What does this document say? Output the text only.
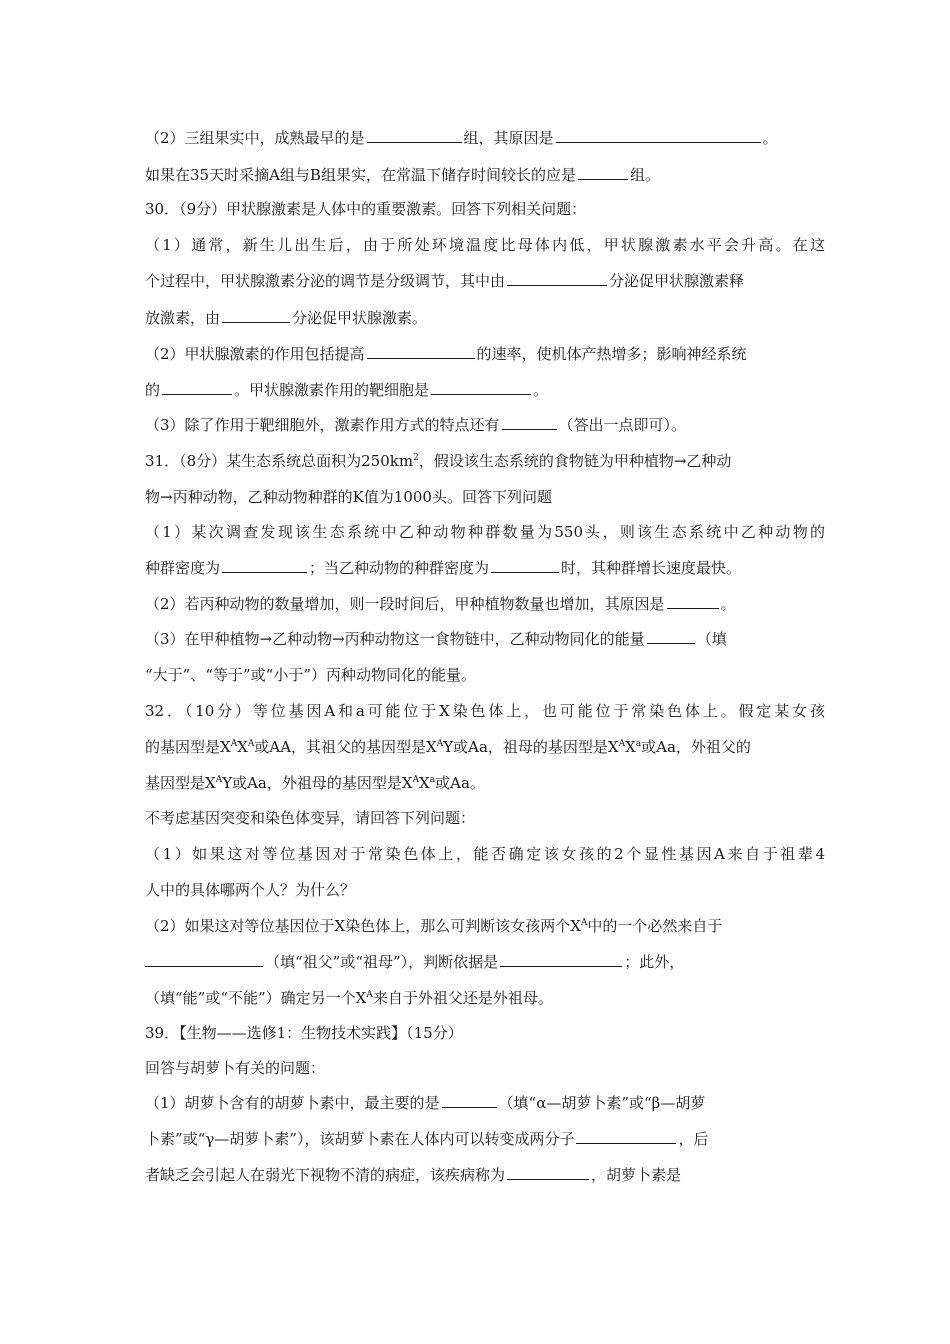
（2）三组果实中，成熟最早的是	组，其原因是	。
如果在35天时采摘A组与B组果实，在常温下储存时间较长的应是	组。
30．（9分）甲状腺激素是人体中的重要激素。回答下列相关问题：
（1）通常，新生儿出生后，由于所处环境温度比母体内低，甲状腺激素水平会升高。在这
个过程中，甲状腺激素分泌的调节是分级调节，其中由	分泌促甲状腺激素释
放激素，由	分泌促甲状腺激素。
（2）甲状腺激素的作用包括提高	的速率，使机体产热增多；影响神经系统
的	。甲状腺激素作用的靶细胞是	。
（3）除了作用于靶细胞外，激素作用方式的特点还有	（答出一点即可）。
31．（8分）某生态系统总面积为$250km^2$，假设该生态系统的食物链为甲种植物→乙种动
物→丙种动物，乙种动物种群的K值为1000头。回答下列问题
（1）某次调查发现该生态系统中乙种动物种群数量为550头，则该生态系统中乙种动物的
种群密度为	；当乙种动物的种群密度为	时，其种群增长速度最快。
（2）若丙种动物的数量增加，则一段时间后，甲种植物数量也增加，其原因是	。
（3）在甲种植物→乙种动物→丙种动物这一食物链中，乙种动物同化的能量	（填
“大于”、“等于”或“小于”）丙种动物同化的能量。
32．（10分）等位基因A和a可能位于X染色体上，也可能位于常染色体上。假定某女孩
的基因型是$X^AX^A$或AA，其祖父的基因型是$X^AY$或Aa，祖母的基因型是$X^AX^a$或Aa，外祖父的
基因型是$X^AY$或Aa，外祖母的基因型是$X^AX^a$或Aa。
不考虑基因突变和染色体变异，请回答下列问题：
（1）如果这对等位基因对于常染色体上，能否确定该女孩的2个显性基因A来自于祖辈4
人中的具体哪两个人？为什么？
（2）如果这对等位基因位于X染色体上，那么可判断该女孩两个$X^A$中的一个必然来自于
（填“祖父”或“祖母”），判断依据是	；此外，
（填“能”或“不能”）确定另一个$X^A$来自于外祖父还是外祖母。
39．【生物——选修1：生物技术实践】（15分）
回答与胡萝卜有关的问题：
（1）胡萝卜含有的胡萝卜素中，最主要的是	（填“α—胡萝卜素”或“β—胡萝
卜素”或“γ—胡萝卜素”），该胡萝卜素在人体内可以转变成两分子	，后
者缺乏会引起人在弱光下视物不清的病症，该疾病称为	，胡萝卜素是
